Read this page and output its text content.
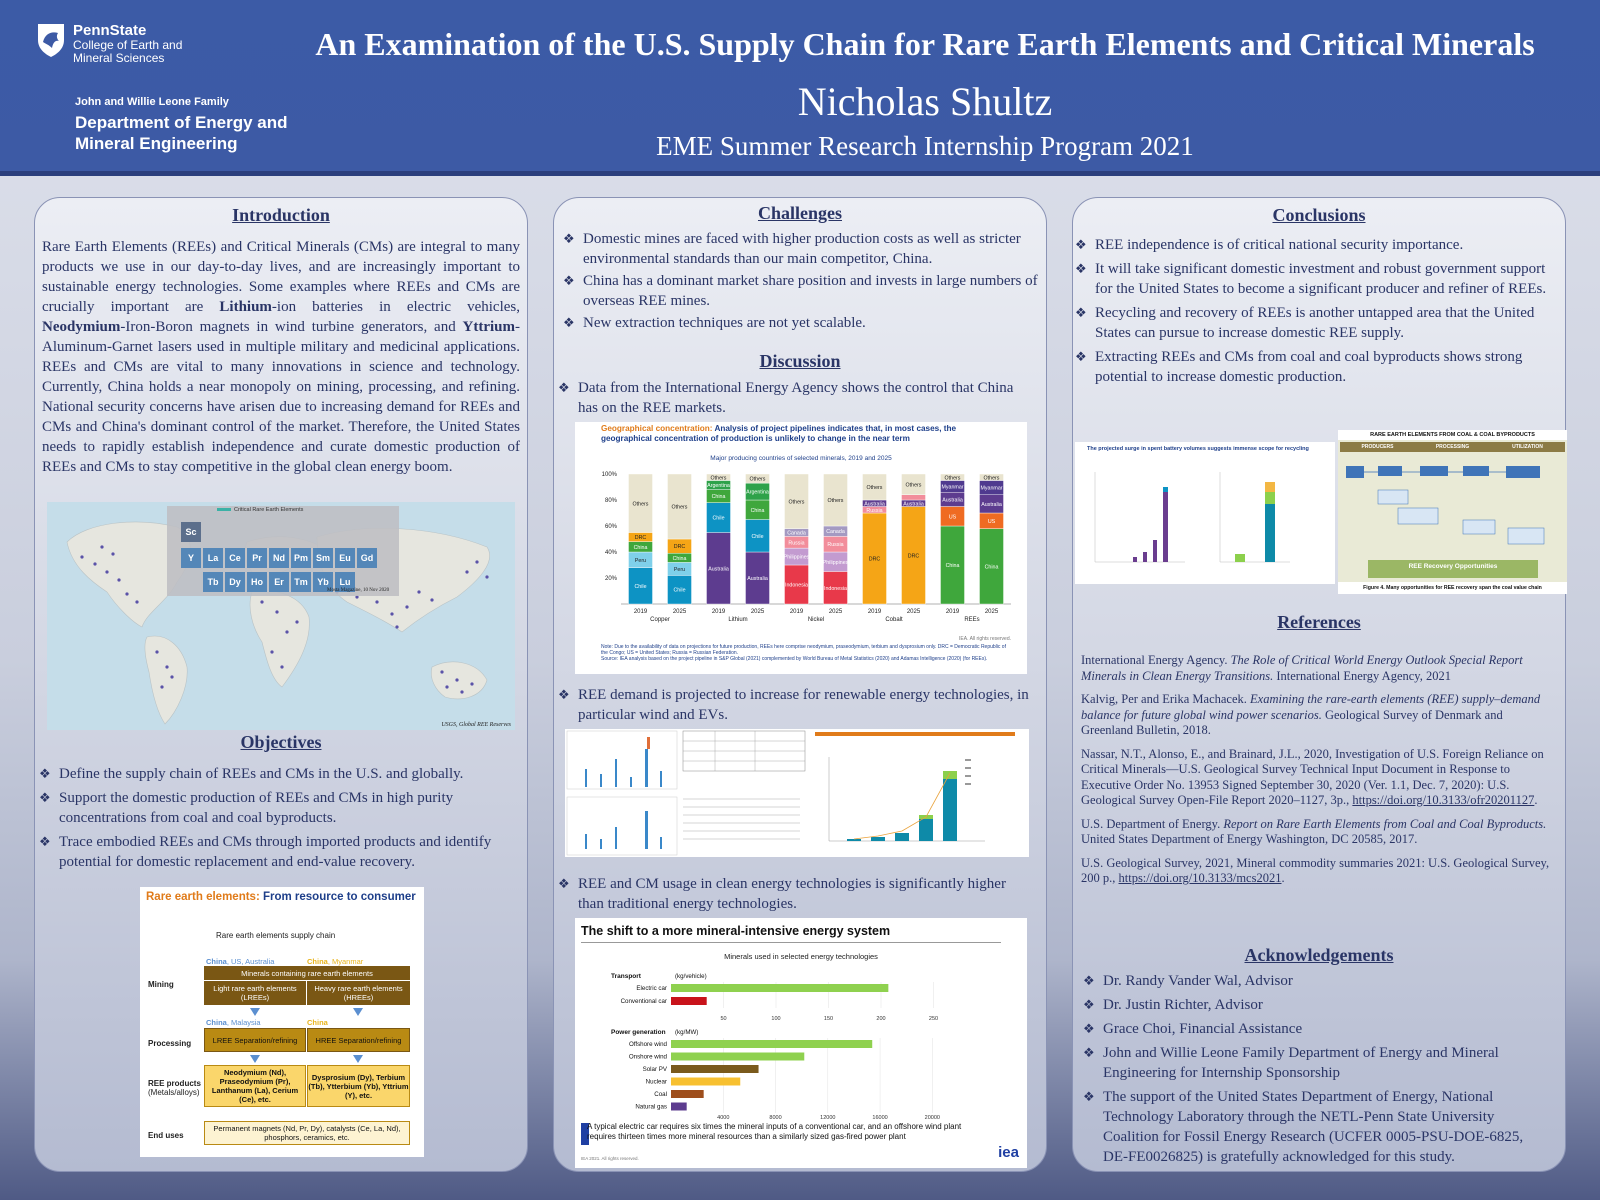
PennState
College of Earth and Mineral Sciences
John and Willie Leone Family
Department of Energy and Mineral Engineering
An Examination of the U.S. Supply Chain for Rare Earth Elements and Critical Minerals
Nicholas Shultz
EME Summer Research Internship Program 2021
Introduction
Rare Earth Elements (REEs) and Critical Minerals (CMs) are integral to many products we use in our day-to-day lives, and are increasingly important to sustainable energy technologies. Some examples where REEs and CMs are crucially important are Lithium-ion batteries in electric vehicles, Neodymium-Iron-Boron magnets in wind turbine generators, and Yttrium-Aluminum-Garnet lasers used in multiple military and medicinal applications. REEs and CMs are vital to many innovations in science and technology. Currently, China holds a near monopoly on mining, processing, and refining. National security concerns have arisen due to increasing demand for REEs and CMs and China's dominant control of the market. Therefore, the United States needs to rapidly establish independence and curate domestic production of REEs and CMs to stay competitive in the global clean energy boom.
Critical Rare Earth Elements
Sc
Y	La	Ce	Pr	Nd Pm Sm	Eu	Gd
Tb	Dy	Ho	Er	Tm	Yb	Lu
Mosta Magazine, 10 Nov 2020
USGS, Global REE Reserves
Objectives
❖ Define the supply chain of REEs and CMs in the U.S. and globally.
❖ Support the domestic production of REEs and CMs in high purity concentrations from coal and coal byproducts.
❖ Trace embodied REEs and CMs through imported products and identify potential for domestic replacement and end-value recovery.
Rare earth elements: From resource to consumer
Rare earth elements supply chain
China, US, Australia	China, Myanmar
Mining
Minerals containing rare earth elements
Light rare earth elements (LREEs)
Heavy rare earth elements (HREEs)
China, Malaysia	China
Processing	LREE Separation/refining	HREE Separation/refining
REE products
(Metals/alloys)
Neodymium (Nd), Praseodymium (Pr), Lanthanum (La), Cerium (Ce), etc.
Dysprosium (Dy), Terbium (Tb), Ytterbium (Yb), Yttrium (Y), etc.
End uses
Permanent magnets (Nd, Pr, Dy), catalysts (Ce, La, Nd), phosphors, ceramics, etc.
Challenges
❖ Domestic mines are faced with higher production costs as well as stricter environmental standards than our main competitor, China.
❖ China has a dominant market share position and invests in large numbers of overseas REE mines.
❖ New extraction techniques are not yet scalable.
Discussion
❖ Data from the International Energy Agency shows the control that China has on the REE markets.
Geographical concentration: Analysis of project pipelines indicates that, in most cases, the geographical concentration of production is unlikely to change in the near term
Major producing countries of selected minerals, 2019 and 2025
20%
40%
60%
80%
100%
Chile
Peru
China
DRC
Others
2019
Chile
Peru
China
DRC
Others
2025
Australia
Chile
China
Argentina
Others
2019
Australia
Chile
China
Argentina
Others
2025
Indonesia
Philippines
Russia
Canada
Others
2019
Indonesia
Philippines
Russia
Canada
Others
2025
DRC
Russia
Australia
Others
2019
DRC
Australia
Others
2025
China
US
Australia
Myanmar
Others
2019
China
US
Australia
Myanmar
Others
2025
Copper	Lithium	Nickel	Cobalt	REEs
IEA. All rights reserved.
Note: Due to the availability of data on projections for future production, REEs here comprise neodymium, praseodymium, terbium and dysprosium only. DRC = Democratic Republic of the Congo; US = United States; Russia = Russian Federation.
Source: IEA analysis based on the project pipeline in S&P Global (2021) complemented by World Bureau of Metal Statistics (2020) and Adamas Intelligence (2020) (for REEs).
❖ REE demand is projected to increase for renewable energy technologies, in particular wind and EVs.
❖ REE and CM usage in clean energy technologies is significantly higher than traditional energy technologies.
The shift to a more mineral-intensive energy system
Minerals used in selected energy technologies
Transport	(kg/vehicle)
50	100	150	200	250
Electric car
Conventional car
Power generation (kg/MW)
4000	8000	12000	16000	20000
Offshore wind
Onshore wind
Solar PV
Nuclear
Coal
Natural gas
A typical electric car requires six times the mineral inputs of a conventional car, and an offshore wind plant requires thirteen times more mineral resources than a similarly sized gas-fired power plant
IEA 2021. All rights reserved.	iea
Conclusions
❖ REE independence is of critical national security importance.
❖ It will take significant domestic investment and robust government support for the United States to become a significant producer and refiner of REEs.
❖ Recycling and recovery of REEs is another untapped area that the United States can pursue to increase domestic REE supply.
❖ Extracting REEs and CMs from coal and coal byproducts shows strong potential to increase domestic production.
The projected surge in spent battery volumes suggests immense scope for recycling
RARE EARTH ELEMENTS FROM COAL & COAL BYPRODUCTS
PRODUCERS	PROCESSING	UTILIZATION
REE Recovery Opportunities
Figure 4. Many opportunities for REE recovery span the coal value chain
References

International Energy Agency. The Role of Critical World Energy Outlook Special Report Minerals in Clean Energy Transitions. International Energy Agency, 2021

Kalvig, Per and Erika Machacek. Examining the rare-earth elements (REE) supply–demand balance for future global wind power scenarios. Geological Survey of Denmark and Greenland Bulletin, 2018.

Nassar, N.T., Alonso, E., and Brainard, J.L., 2020, Investigation of U.S. Foreign Reliance on Critical Minerals—U.S. Geological Survey Technical Input Document in Response to Executive Order No. 13953 Signed September 30, 2020 (Ver. 1.1, Dec. 7, 2020): U.S. Geological Survey Open-File Report 2020–1127, 3p., https://doi.org/10.3133/ofr20201127.

U.S. Department of Energy. Report on Rare Earth Elements from Coal and Coal Byproducts. United States Department of Energy Washington, DC 20585, 2017.

U.S. Geological Survey, 2021, Mineral commodity summaries 2021: U.S. Geological Survey, 200 p., https://doi.org/10.3133/mcs2021.

Acknowledgements
❖ Dr. Randy Vander Wal, Advisor
❖ Dr. Justin Richter, Advisor
❖ Grace Choi, Financial Assistance
❖ John and Willie Leone Family Department of Energy and Mineral Engineering for Internship Sponsorship
❖ The support of the United States Department of Energy, National Technology Laboratory through the NETL-Penn State University Coalition for Fossil Energy Research (UCFER 0005-PSU-DOE-6825, DE-FE0026825) is gratefully acknowledged for this study.
